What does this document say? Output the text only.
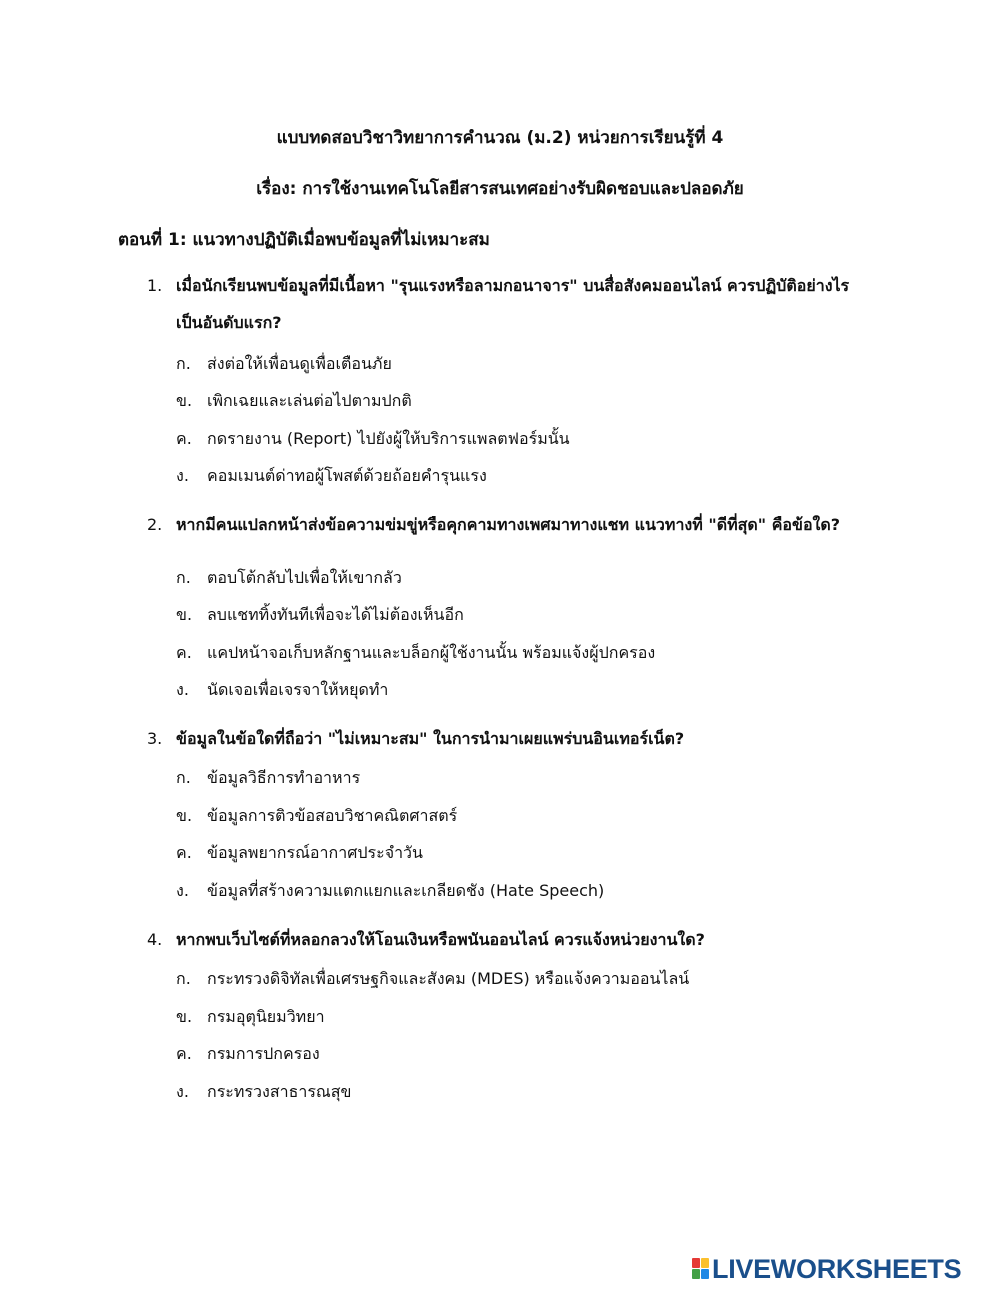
แบบทดสอบวิชาวิทยาการคำนวณ (ม.2) หน่วยการเรียนรู้ที่ 4
เรื่อง: การใช้งานเทคโนโลยีสารสนเทศอย่างรับผิดชอบและปลอดภัย
ตอนที่ 1: แนวทางปฏิบัติเมื่อพบข้อมูลที่ไม่เหมาะสม
1. เมื่อนักเรียนพบข้อมูลที่มีเนื้อหา "รุนแรงหรือลามกอนาจาร" บนสื่อสังคมออนไลน์ ควรปฏิบัติอย่างไร
เป็นอันดับแรก?
ก. ส่งต่อให้เพื่อนดูเพื่อเตือนภัย
ข. เพิกเฉยและเล่นต่อไปตามปกติ
ค. กดรายงาน (Report) ไปยังผู้ให้บริการแพลตฟอร์มนั้น
ง. คอมเมนต์ด่าทอผู้โพสต์ด้วยถ้อยคำรุนแรง
2. หากมีคนแปลกหน้าส่งข้อความข่มขู่หรือคุกคามทางเพศมาทางแชท แนวทางที่ "ดีที่สุด" คือข้อใด?
ก. ตอบโต้กลับไปเพื่อให้เขากลัว
ข. ลบแชททิ้งทันทีเพื่อจะได้ไม่ต้องเห็นอีก
ค. แคปหน้าจอเก็บหลักฐานและบล็อกผู้ใช้งานนั้น พร้อมแจ้งผู้ปกครอง
ง. นัดเจอเพื่อเจรจาให้หยุดทำ
3. ข้อมูลในข้อใดที่ถือว่า "ไม่เหมาะสม" ในการนำมาเผยแพร่บนอินเทอร์เน็ต?
ก. ข้อมูลวิธีการทำอาหาร
ข. ข้อมูลการติวข้อสอบวิชาคณิตศาสตร์
ค. ข้อมูลพยากรณ์อากาศประจำวัน
ง. ข้อมูลที่สร้างความแตกแยกและเกลียดชัง (Hate Speech)
4. หากพบเว็บไซต์ที่หลอกลวงให้โอนเงินหรือพนันออนไลน์ ควรแจ้งหน่วยงานใด?
ก. กระทรวงดิจิทัลเพื่อเศรษฐกิจและสังคม (MDES) หรือแจ้งความออนไลน์
ข. กรมอุตุนิยมวิทยา
ค. กรมการปกครอง
ง. กระทรวงสาธารณสุข
LIVEWORKSHEETS
